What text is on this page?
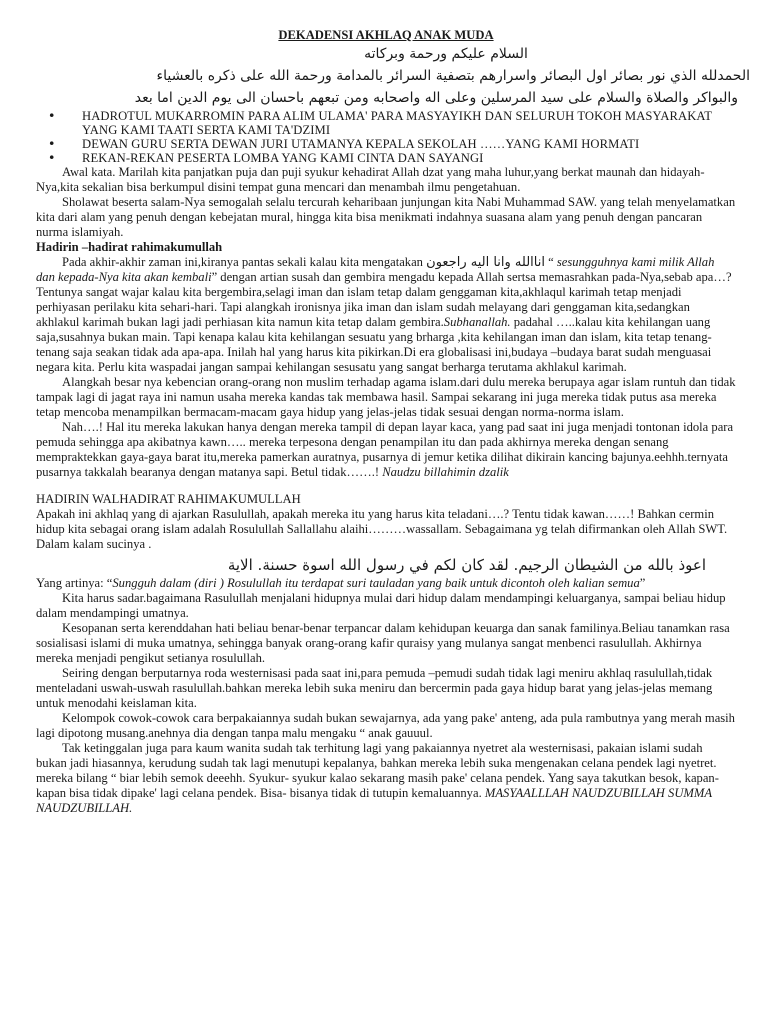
DEKADENSI AKHLAQ ANAK MUDA
السلام عليكم ورحمة وبركاته
الحمدلله الذي نور بصائر اول البصائر واسرارهم بتصفية السرائر بالمدامة ورحمة الله على ذكره بالعشياء
والبواكر والصلاة والسلام على سيد المرسلين وعلى اله واصحابه ومن تبعهم باحسان الى يوم الدين اما بعد
• HADROTUL MUKARROMIN PARA ALIM ULAMA' PARA MASYAYIKH DAN SELURUH TOKOH MASYARAKAT YANG KAMI TAATI SERTA KAMI TA'DZIMI
• DEWAN GURU SERTA DEWAN JURI UTAMANYA KEPALA SEKOLAH ……YANG KAMI HORMATI
• REKAN-REKAN PESERTA LOMBA YANG KAMI CINTA DAN SAYANGI

Awal kata. Marilah kita panjatkan puja dan puji syukur kehadirat Allah dzat yang maha luhur,yang berkat maunah dan hidayah-Nya,kita sekalian bisa berkumpul disini tempat guna mencari dan menambah ilmu pengetahuan.

Sholawat beserta salam-Nya semogalah selalu tercurah keharibaan junjungan kita Nabi Muhammad SAW. yang telah menyelamatkan kita dari alam yang penuh dengan kebejatan mural, hingga kita bisa menikmati indahnya suasana alam yang penuh dengan pancaran nurma islamiyah.

Hadirin –hadirat rahimakumullah

Pada akhir-akhir zaman ini,kiranya pantas sekali kalau kita mengatakan اناالله وانا اليه راجعون “ sesungguhnya kami milik Allah dan kepada-Nya kita akan kembali” dengan artian susah dan gembira mengadu kepada Allah sertsa memasrahkan pada-Nya,sebab apa…? Tentunya sangat wajar kalau kita bergembira,selagi iman dan islam tetap dalam genggaman kita,akhlaqul karimah tetap menjadi perhiyasan perilaku kita sehari-hari. Tapi alangkah ironisnya jika iman dan islam sudah melayang dari genggaman kita,sedangkan akhlakul karimah bukan lagi jadi perhiasan kita namun kita tetap dalam gembira.Subhanallah. padahal …..kalau kita kehilangan uang saja,susahnya bukan main. Tapi kenapa kalau kita kehilangan sesuatu yang brharga ,kita kehilangan iman dan islam, kita tetap tenang-tenang saja seakan tidak ada apa-apa. Inilah hal yang harus kita pikirkan.Di era globalisasi ini,budaya –budaya barat sudah menguasai negara kita. Perlu kita waspadai jangan sampai kehilangan sesusatu yang sangat berharga terutama akhlakul karimah.

Alangkah besar nya kebencian orang-orang non muslim terhadap agama islam.dari dulu mereka berupaya agar islam runtuh dan tidak tampak lagi di jagat raya ini namun usaha mereka kandas tak membawa hasil. Sampai sekarang ini juga mereka tidak putus asa mereka tetap mencoba menampilkan bermacam-macam gaya hidup yang jelas-jelas tidak sesuai dengan norma-norma islam.

Nah….! Hal itu mereka lakukan hanya dengan mereka tampil di depan layar kaca, yang pad saat ini juga menjadi tontonan idola para pemuda sehingga apa akibatnya kawn….. mereka terpesona dengan penampilan itu dan pada akhirnya mereka dengan senang mempraktekkan gaya-gaya barat itu,mereka pamerkan auratnya, pusarnya di jemur ketika dilihat dikirain kancing bajunya.eehhh.ternyata pusarnya takkalah bearanya dengan matanya sapi. Betul tidak…….! Naudzu billahimin dzalik

HADIRIN WALHADIRAT RAHIMAKUMULLAH

Apakah ini akhlaq yang di ajarkan Rasulullah, apakah mereka itu yang harus kita teladani….? Tentu tidak kawan……! Bahkan cermin hidup kita sebagai orang islam adalah Rosulullah Sallallahu alaihi………wassallam. Sebagaimana yg telah difirmankan oleh Allah SWT. Dalam kalam sucinya .

اعوذ بالله من الشيطان الرجيم. لقد كان لكم في رسول الله اسوة حسنة. الاية

Yang artinya: “Sungguh dalam (diri ) Rosulullah itu terdapat suri tauladan yang baik untuk dicontoh oleh kalian semua”

Kita harus sadar.bagaimana Rasulullah menjalani hidupnya mulai dari hidup dalam mendampingi keluarganya, sampai beliau hidup dalam mendampingi umatnya.

Kesopanan serta kerenddahan hati beliau benar-benar terpancar dalam kehidupan keuarga dan sanak familinya.Beliau tanamkan rasa sosialisasi islami di muka umatnya, sehingga banyak orang-orang kafir quraisy yang mulanya sangat menbenci rasulullah. Akhirnya mereka menjadi pengikut setianya rosulullah.

Seiring dengan berputarnya roda westernisasi pada saat ini,para pemuda –pemudi sudah tidak lagi meniru akhlaq rasulullah,tidak menteladani uswah-uswah rasulullah.bahkan mereka lebih suka meniru dan bercermin pada gaya hidup barat yang jelas-jelas memang untuk menodahi keislaman kita.

Kelompok cowok-cowok cara berpakaiannya sudah bukan sewajarnya, ada yang pake' anteng, ada pula rambutnya yang merah masih lagi dipotong musang.anehnya dia dengan tanpa malu mengaku “ anak gauuul.

Tak ketinggalan juga para kaum wanita sudah tak terhitung lagi yang pakaiannya nyetret ala westernisasi, pakaian islami sudah bukan jadi hiasannya, kerudung sudah tak lagi menutupi kepalanya, bahkan mereka lebih suka mengenakan celana pendek lagi nyetret. mereka bilang “ biar lebih semok deeehh. Syukur- syukur kalao sekarang masih pake' celana pendek. Yang saya takutkan besok, kapan-kapan bisa tidak dipake' lagi celana pendek. Bisa- bisanya tidak di tutupin kemaluannya. MASYAALLLAH NAUDZUBILLAH SUMMA NAUDZUBILLAH.
